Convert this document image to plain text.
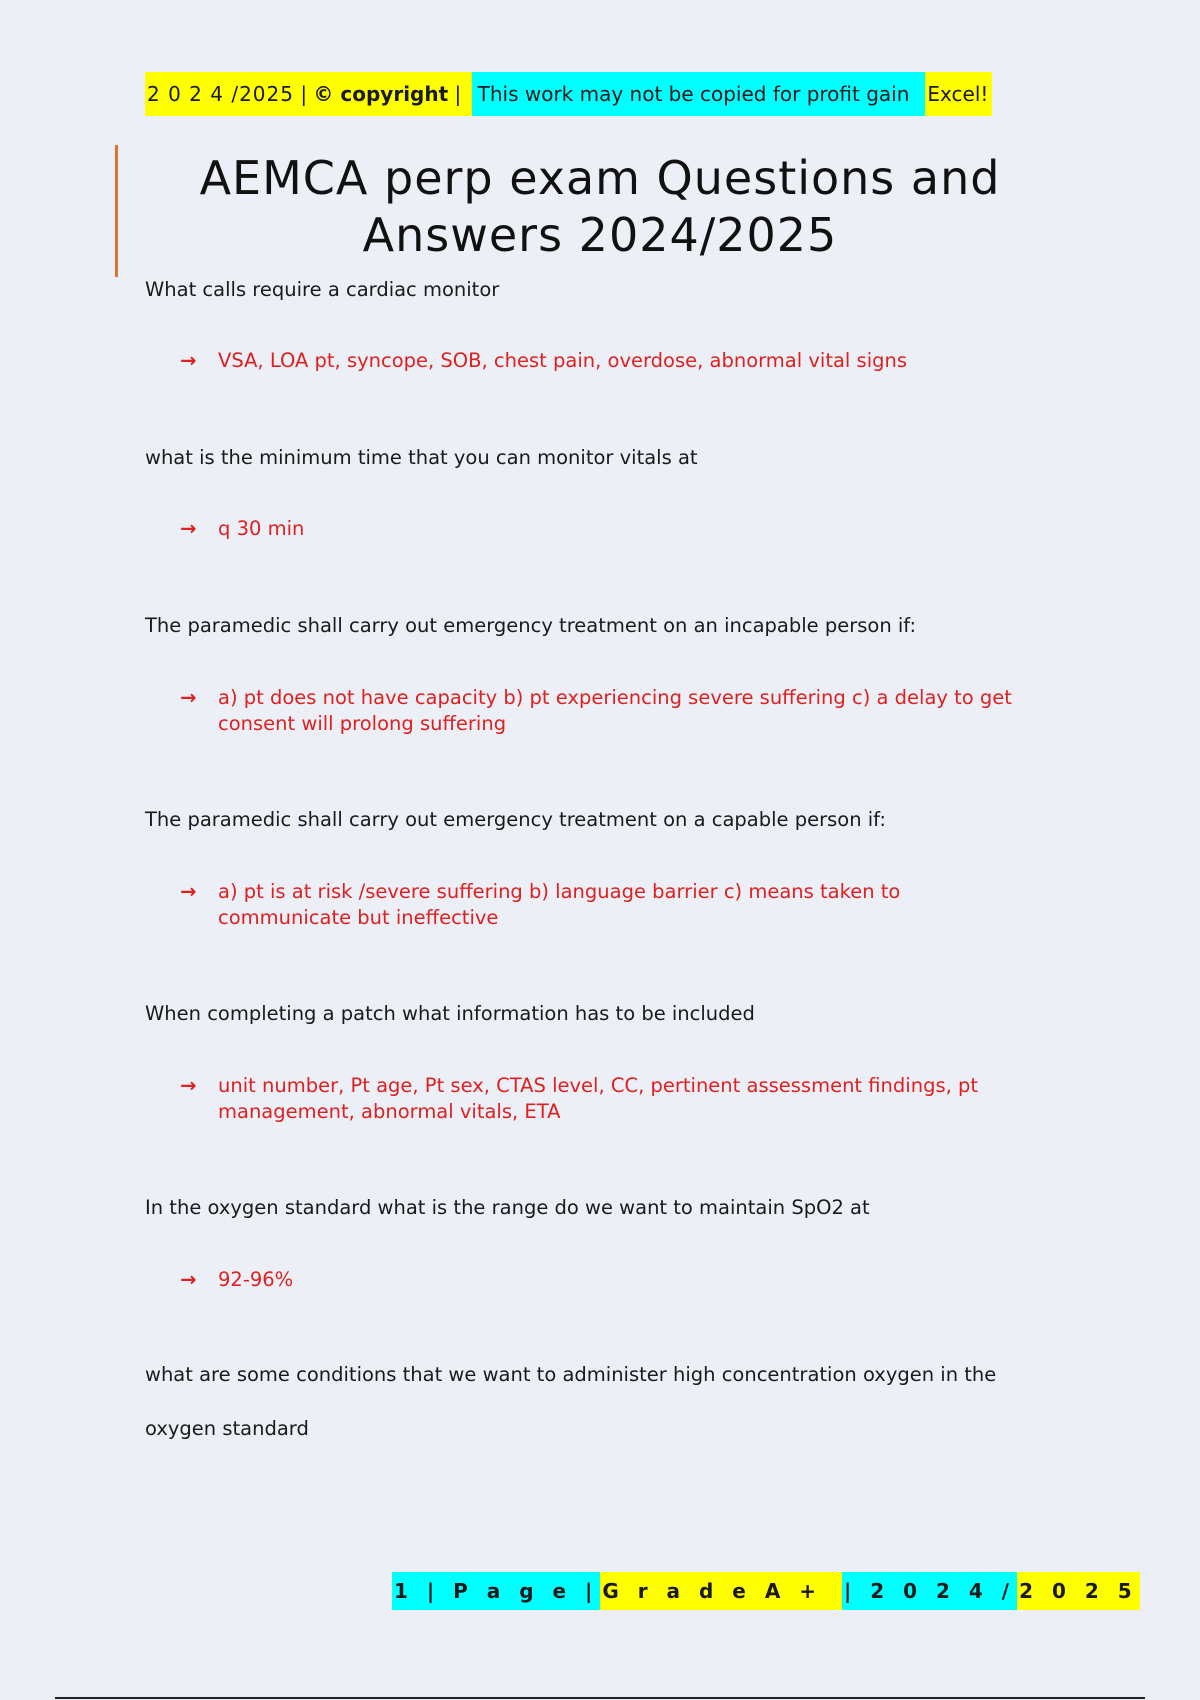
2 0 2 4 /2025 | © copyright | This work may not be copied for profit gain Excel!
AEMCA perp exam Questions and
Answers 2024/2025
What calls require a cardiac monitor
→	VSA, LOA pt, syncope, SOB, chest pain, overdose, abnormal vital signs
what is the minimum time that you can monitor vitals at
→	q 30 min
The paramedic shall carry out emergency treatment on an incapable person if:
→	a) pt does not have capacity b) pt experiencing severe suffering c) a delay to get consent will prolong suffering
The paramedic shall carry out emergency treatment on a capable person if:
→	a) pt is at risk /severe suffering b) language barrier c) means taken to communicate but ineffective
When completing a patch what information has to be included
→	unit number, Pt age, Pt sex, CTAS level, CC, pertinent assessment findings, pt management, abnormal vitals, ETA
In the oxygen standard what is the range do we want to maintain SpO2 at
→	92-96%
what are some conditions that we want to administer high concentration oxygen in the oxygen standard
1 | P a g e | G r a d e A + | 2 0 2 4 / 2 0 2 5
